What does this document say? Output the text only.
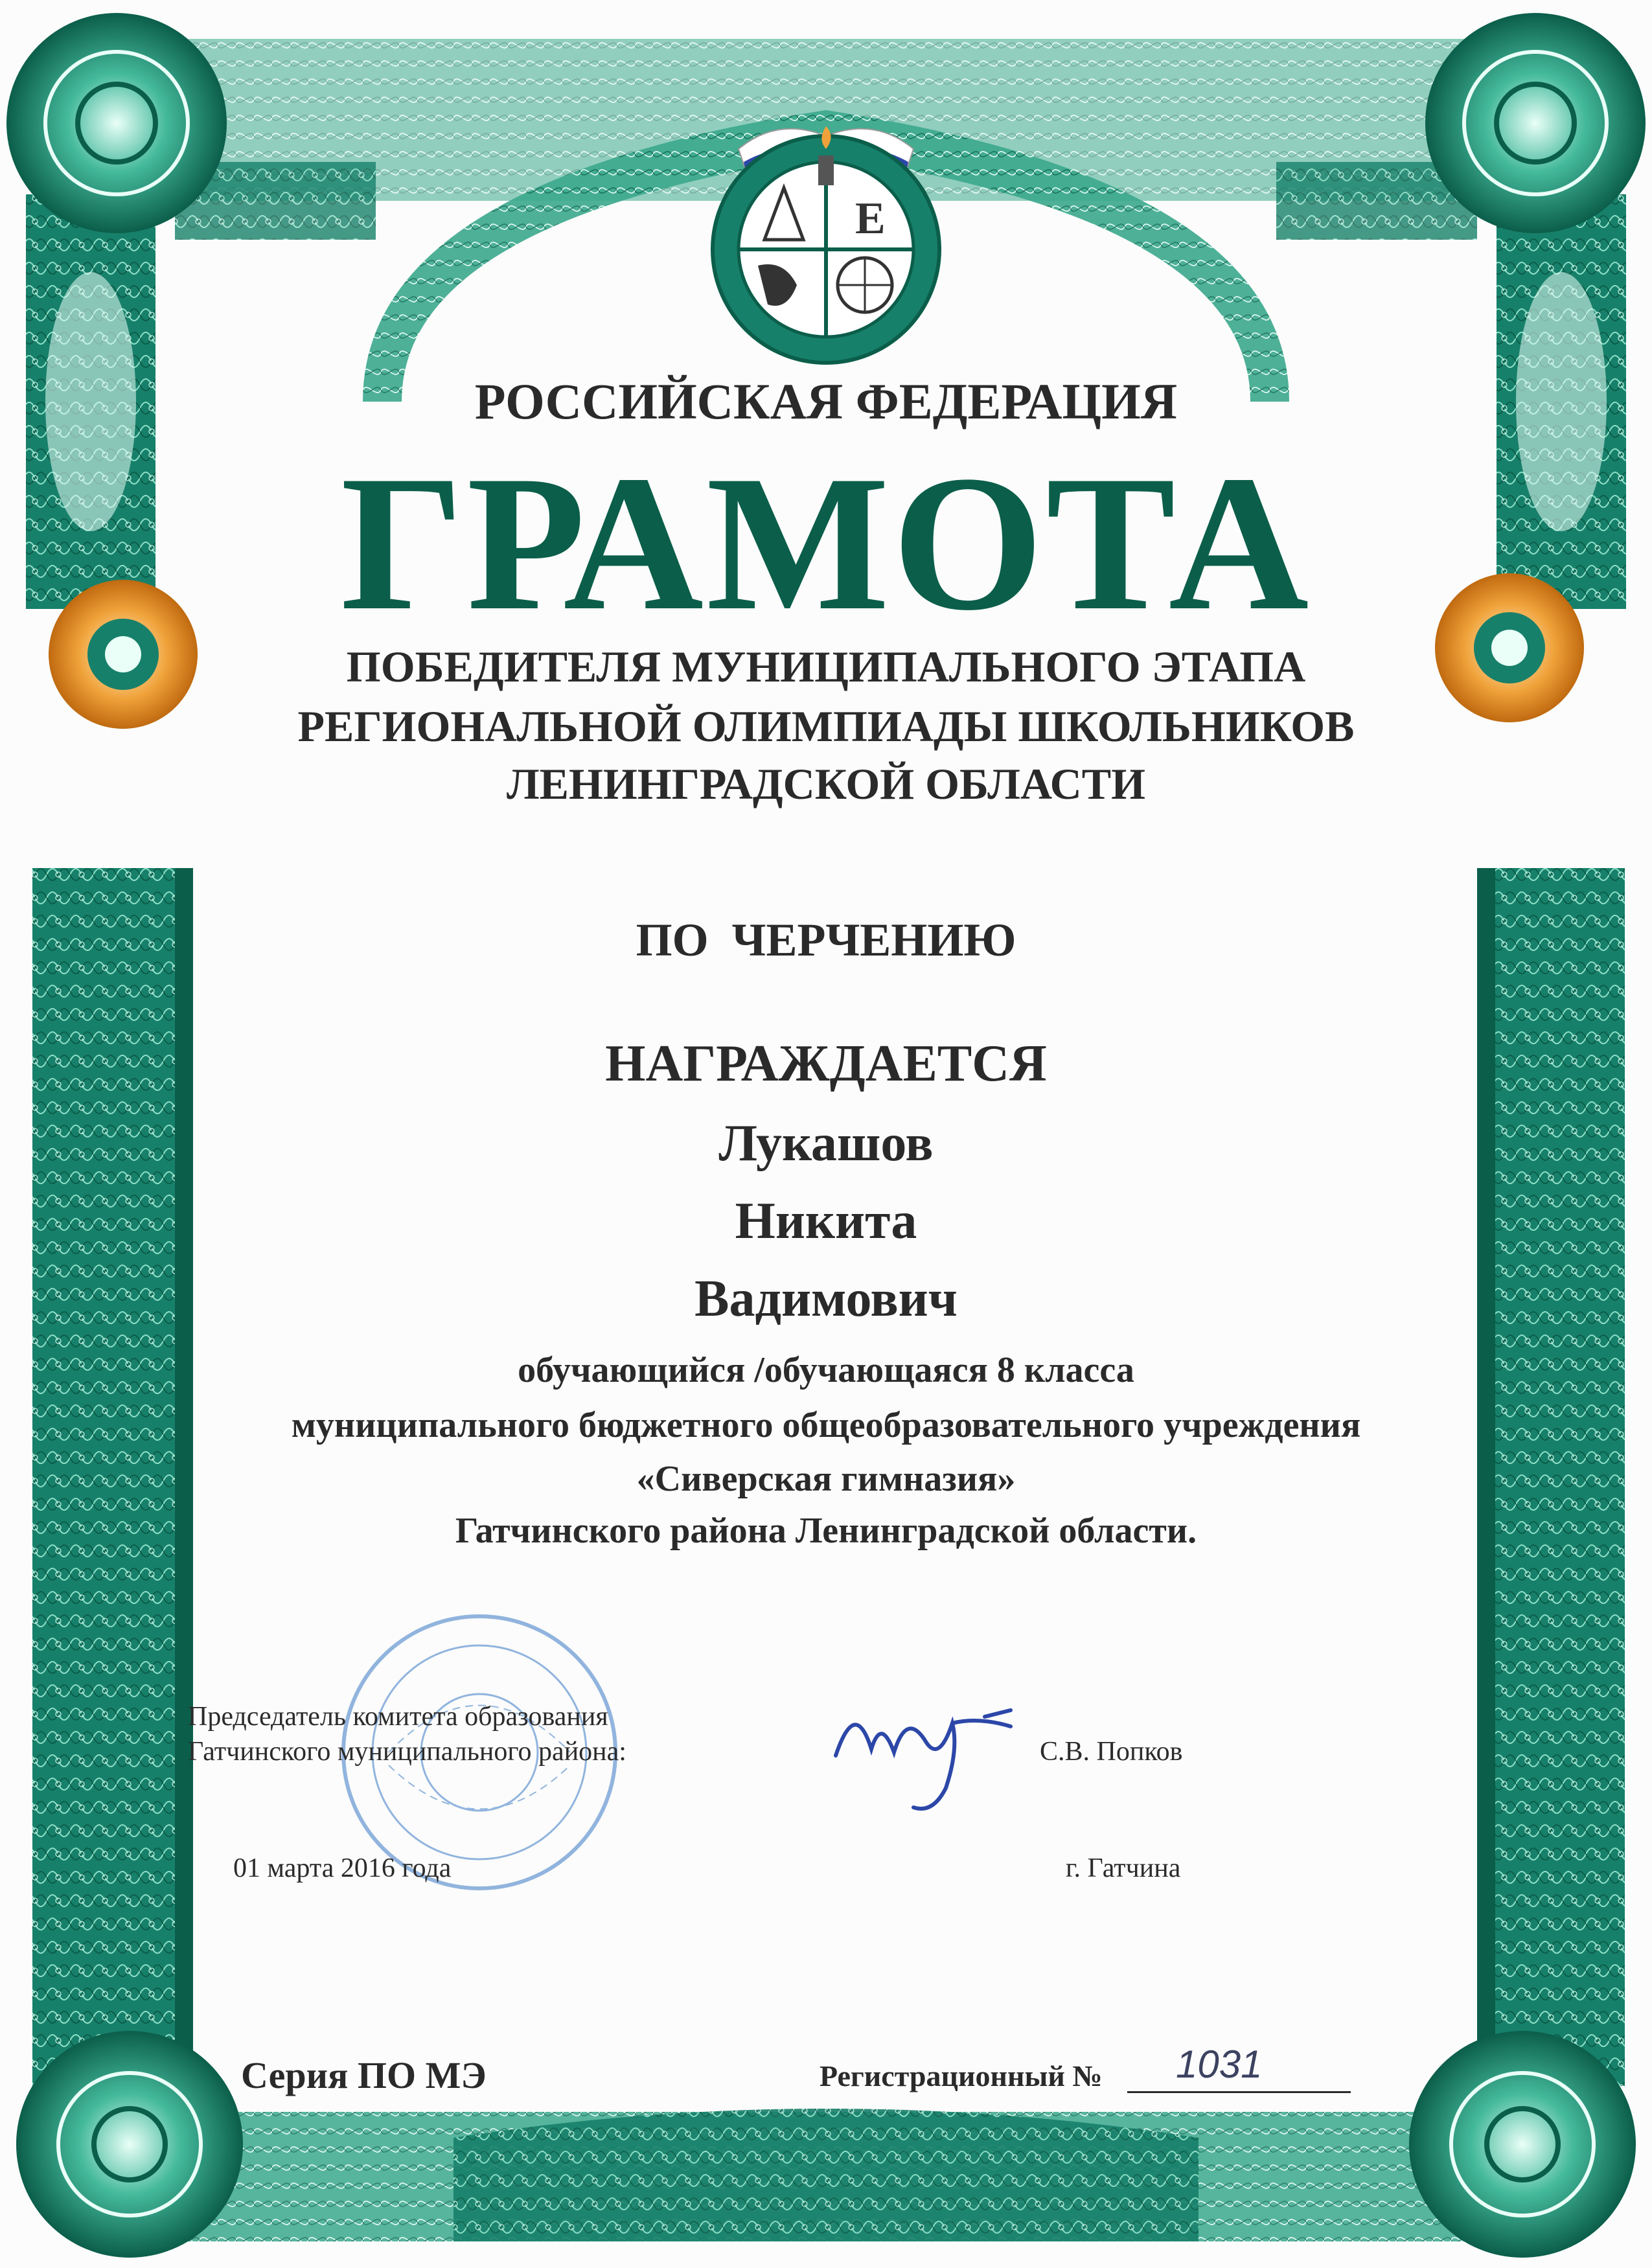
E
РОССИЙСКАЯ ФЕДЕРАЦИЯ
ГРАМОТА
ПОБЕДИТЕЛЯ МУНИЦИПАЛЬНОГО ЭТАПА
РЕГИОНАЛЬНОЙ ОЛИМПИАДЫ ШКОЛЬНИКОВ
ЛЕНИНГРАДСКОЙ ОБЛАСТИ
ПО ЧЕРЧЕНИЮ
НАГРАЖДАЕТСЯ
Лукашов
Никита
Вадимович
обучающийся /обучающаяся 8 класса
муниципального бюджетного общеобразовательного учреждения
«Сиверская гимназия»
Гатчинского района Ленинградской области.
Председатель комитета образования
Гатчинского муниципального района:	С.В. Попков
01 марта 2016 года	г. Гатчина
Серия ПО МЭ	Регистрационный № 1031
